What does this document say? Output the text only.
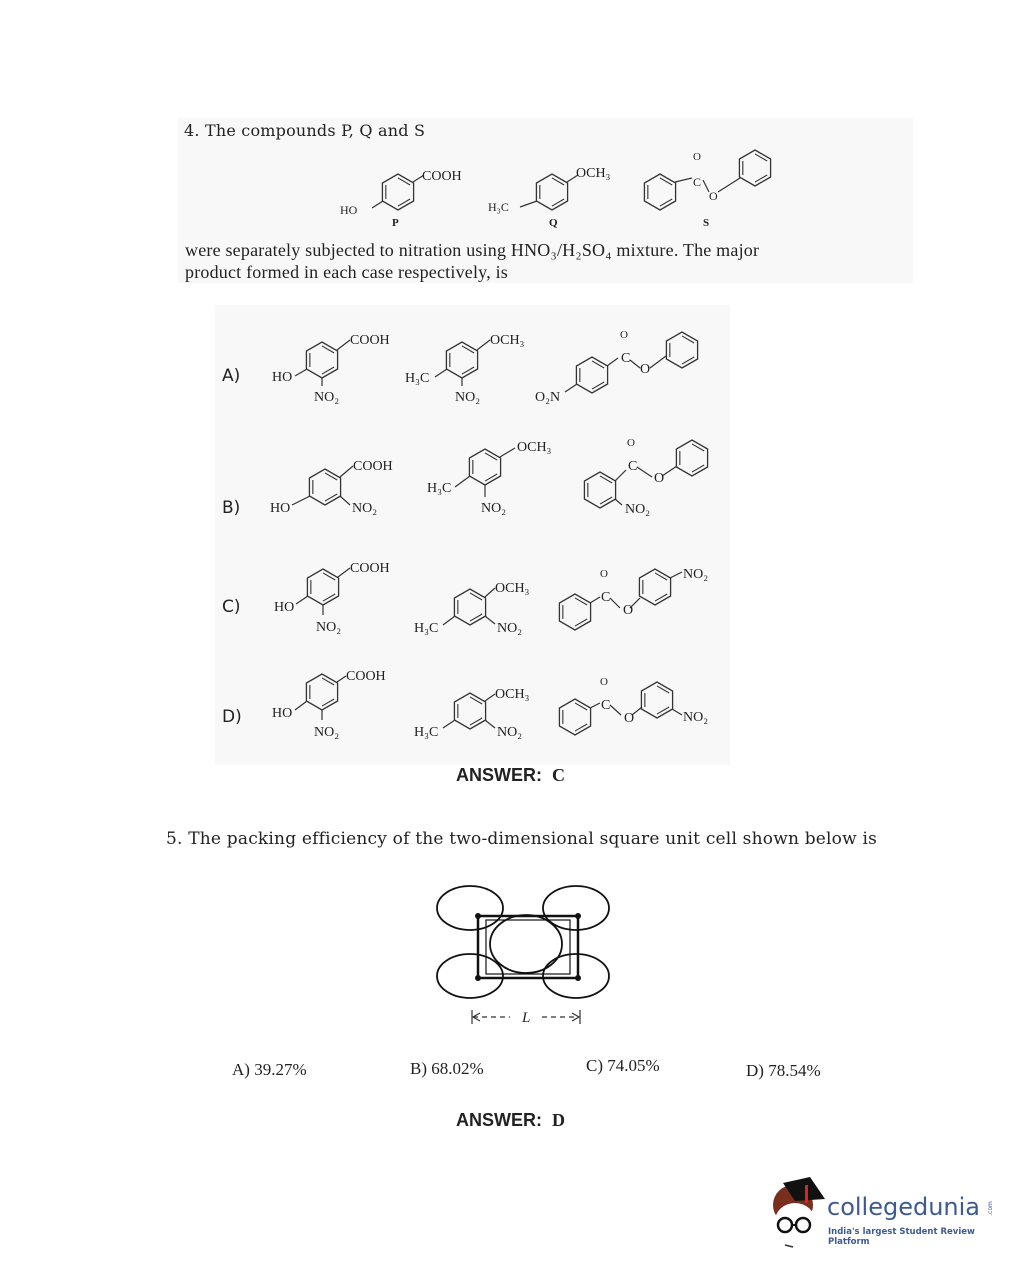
4. The compounds P, Q and S
were separately subjected to nitration using HNO₃/H₂SO₄ mixture. The major
product formed in each case respectively, is
COOH
HO
P
OCH₃
H₃C
Q
O
C
O
S
A)
B)
C)
D)
COOH
HO
NO₂
OCH₃
H₃C
NO₂	O₂N
O
C
O
COOH
HO	NO₂
OCH₃
H₃C
NO₂	NO₂
O
C
O
COOH
HO
NO₂
OCH₃
H₃C	NO₂
O
C
O
NO₂
COOH
HO
NO₂
OCH₃
H₃C	NO₂
O
C
O	NO₂
ANSWER: C
5. The packing efficiency of the two-dimensional square unit cell shown below is
L
A) 39.27%	B) 68.02%	C) 74.05%	D) 78.54%
ANSWER: D
collegedunia .com
India's largest Student Review Platform
